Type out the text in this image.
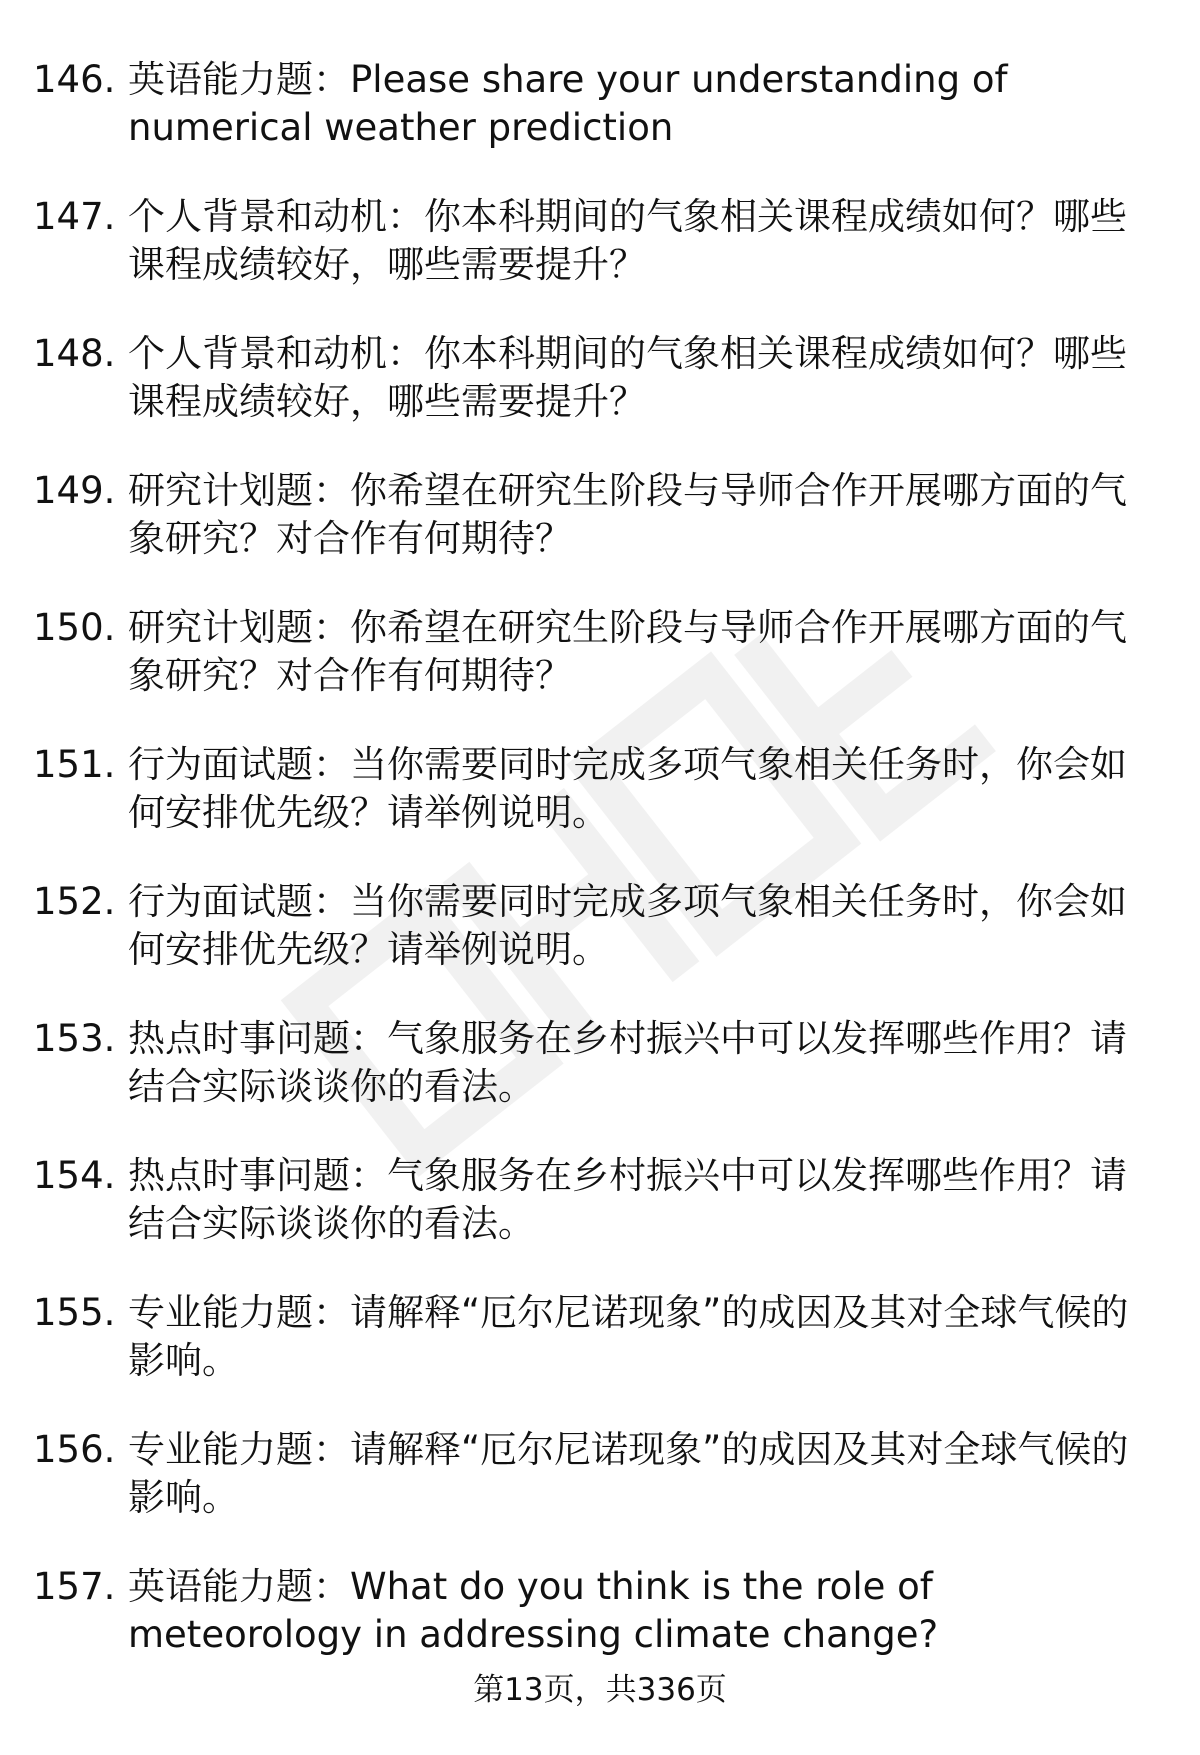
146. 英语能力题：Please share your understanding of numerical weather prediction
147. 个人背景和动机：你本科期间的气象相关课程成绩如何？哪些课程成绩较好，哪些需要提升？
148. 个人背景和动机：你本科期间的气象相关课程成绩如何？哪些课程成绩较好，哪些需要提升？
149. 研究计划题：你希望在研究生阶段与导师合作开展哪方面的气象研究？对合作有何期待？
150. 研究计划题：你希望在研究生阶段与导师合作开展哪方面的气象研究？对合作有何期待？
151. 行为面试题：当你需要同时完成多项气象相关任务时，你会如何安排优先级？请举例说明。
152. 行为面试题：当你需要同时完成多项气象相关任务时，你会如何安排优先级？请举例说明。
153. 热点时事问题：气象服务在乡村振兴中可以发挥哪些作用？请结合实际谈谈你的看法。
154. 热点时事问题：气象服务在乡村振兴中可以发挥哪些作用？请结合实际谈谈你的看法。
155. 专业能力题：请解释“厄尔尼诺现象”的成因及其对全球气候的影响。
156. 专业能力题：请解释“厄尔尼诺现象”的成因及其对全球气候的影响。
157. 英语能力题：What do you think is the role of meteorology in addressing climate change?
第13页，共336页
